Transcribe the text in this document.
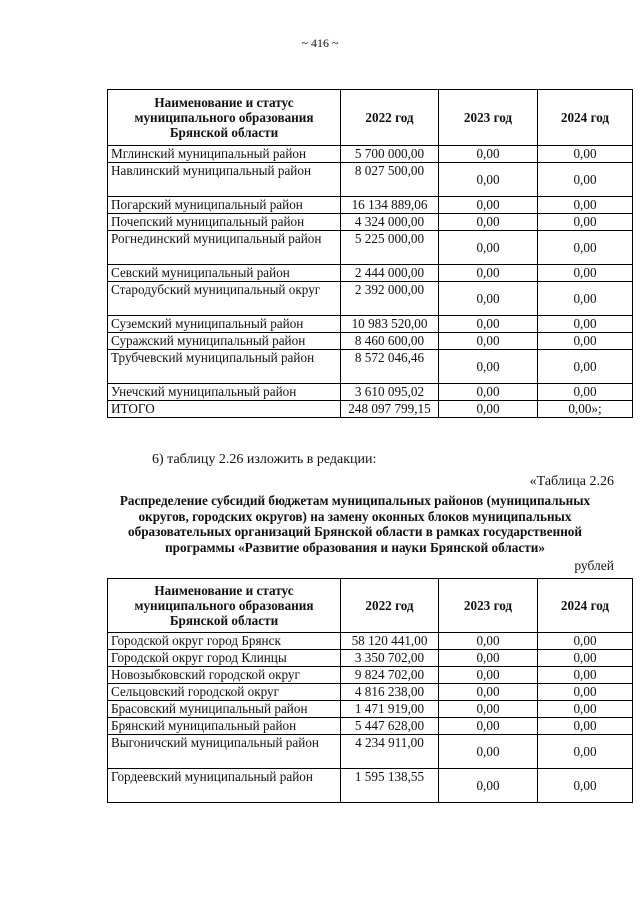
~ 416 ~
Наименование и статус муниципального образования Брянской области	2022 год	2023 год	2024 год
Мглинский муниципальный район	5 700 000,00	0,00	0,00
Навлинский муниципальный район	8 027 500,00	0,00	0,00
Погарский муниципальный район	16 134 889,06	0,00	0,00
Почепский муниципальный район	4 324 000,00	0,00	0,00
Рогнединский муниципальный район	5 225 000,00	0,00	0,00
Севский муниципальный район	2 444 000,00	0,00	0,00
Стародубский муниципальный округ	2 392 000,00	0,00	0,00
Суземский муниципальный район	10 983 520,00	0,00	0,00
Суражский муниципальный район	8 460 600,00	0,00	0,00
Трубчевский муниципальный район	8 572 046,46	0,00	0,00
Унечский муниципальный район	3 610 095,02	0,00	0,00
ИТОГО	248 097 799,15	0,00	0,00»;
6) таблицу 2.26 изложить в редакции:
«Таблица 2.26
Распределение субсидий бюджетам муниципальных районов (муниципальных округов, городских округов) на замену оконных блоков муниципальных образовательных организаций Брянской области в рамках государственной программы «Развитие образования и науки Брянской области»
рублей
Наименование и статус муниципального образования Брянской области	2022 год	2023 год	2024 год
Городской округ город Брянск	58 120 441,00	0,00	0,00
Городской округ город Клинцы	3 350 702,00	0,00	0,00
Новозыбковский городской округ	9 824 702,00	0,00	0,00
Сельцовский городской округ	4 816 238,00	0,00	0,00
Брасовский муниципальный район	1 471 919,00	0,00	0,00
Брянский муниципальный район	5 447 628,00	0,00	0,00
Выгоничский муниципальный район	4 234 911,00	0,00	0,00
Гордеевский муниципальный район	1 595 138,55	0,00	0,00
